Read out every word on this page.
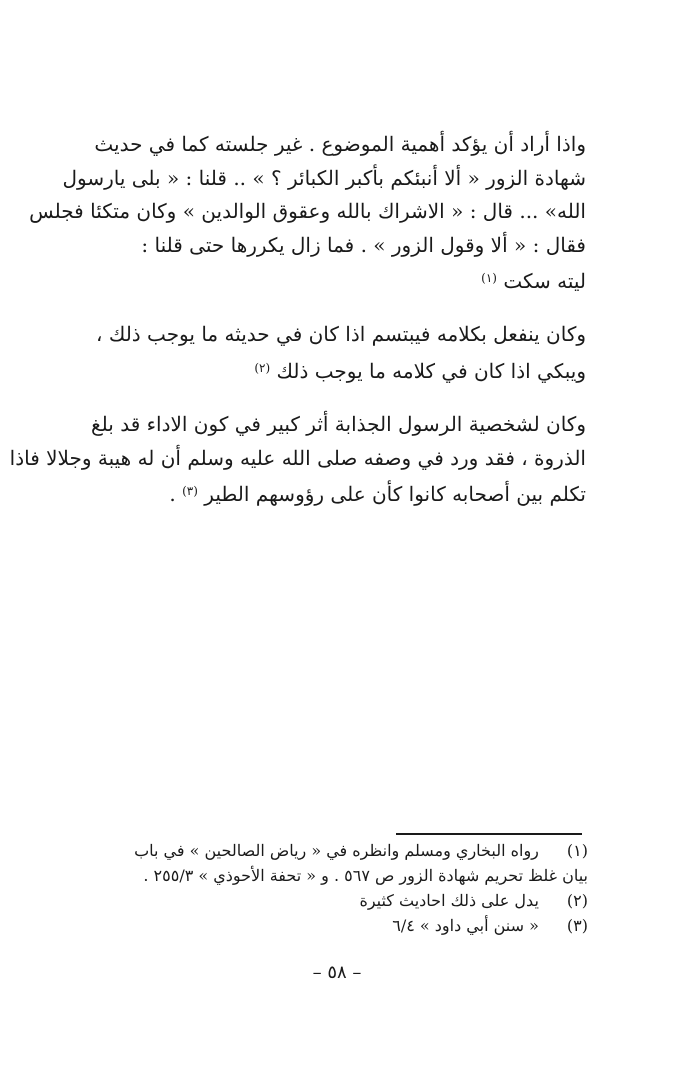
واذا أراد أن يؤكد أهمية الموضوع . غير جلسته كما في حديث
شهادة الزور « ألا أنبئكم بأكبر الكبائر ؟ » .. قلنا : « بلى يارسول
الله» ... قال : « الاشراك بالله وعقوق الوالدين » وكان متكئا فجلس
فقال : « ألا وقول الزور » . فما زال يكررها حتى قلنا :
ليته سكت $^{(١)}$
وكان ينفعل بكلامه فيبتسم اذا كان في حديثه ما يوجب ذلك ،
ويبكي اذا كان في كلامه ما يوجب ذلك $^{(٢)}$
وكان لشخصية الرسول الجذابة أثر كبير في كون الاداء قد بلغ
الذروة ، فقد ورد في وصفه صلى الله عليه وسلم أن له هيبة وجلالا فاذا
تكلم بين أصحابه كانوا كأن على رؤوسهم الطير $^{(٣)}$ .
(١) رواه البخاري ومسلم وانظره في « رياض الصالحين » في باب
بيان غلظ تحريم شهادة الزور ص ٥٦٧ . و « تحفة الأحوذي » ٢٥٥/٣ .
(٢) يدل على ذلك احاديث كثيرة
(٣) « سنن أبي داود » ٦/٤
– ٥٨ –
